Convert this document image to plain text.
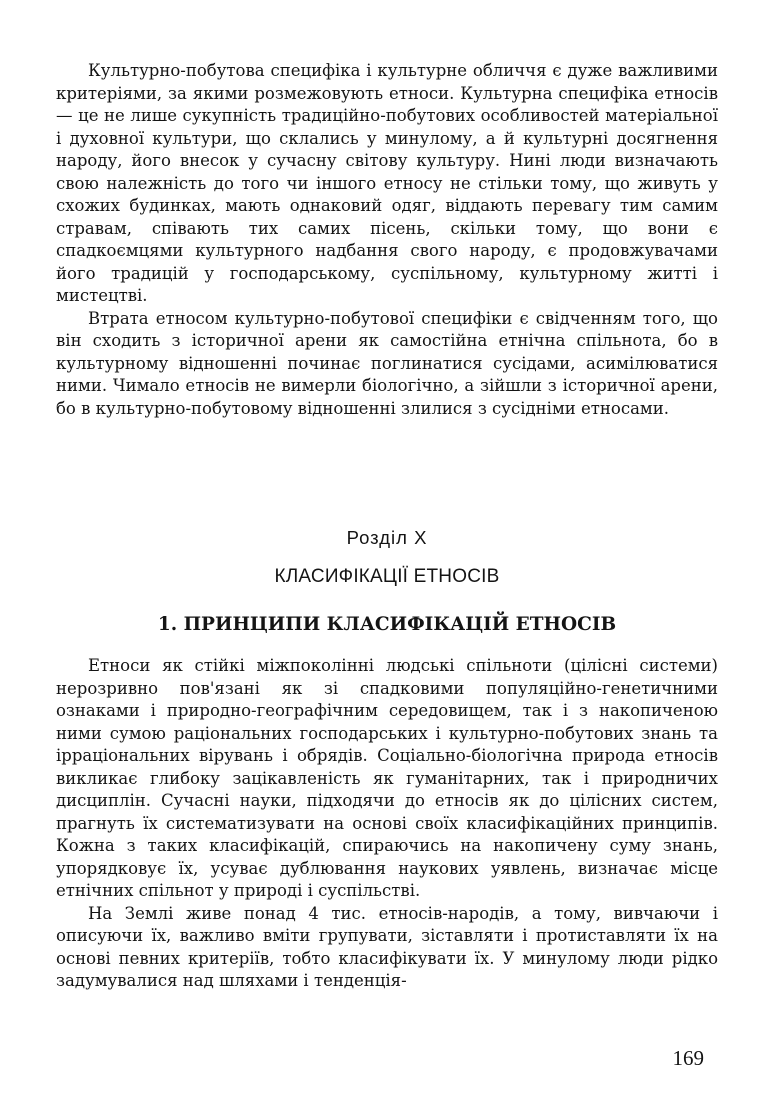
Культурно-побутова специфіка і культурне обличчя є дуже важливими критеріями, за якими розмежовують етноси. Культурна специфіка етносів — це не лише сукупність традиційно-побутових особливостей матеріальної і духовної культури, що склались у минулому, а й культурні досягнення народу, його внесок у сучасну світову культуру. Нині люди визначають свою належність до того чи іншого етносу не стільки тому, що живуть у схожих будинках, мають однаковий одяг, віддають перевагу тим самим стравам, співають тих самих пісень, скільки тому, що вони є спадкоємцями культурного надбання свого народу, є продовжувачами його традицій у господарському, суспільному, культурному житті і мистецтві.

Втрата етносом культурно-побутової специфіки є свідченням того, що він сходить з історичної арени як самостійна етнічна спільнота, бо в культурному відношенні починає поглинатися сусідами, асимілюватися ними. Чимало етносів не вимерли біологічно, а зійшли з історичної арени, бо в культурно-побутовому відношенні злилися з сусідніми етносами.

Розділ X
КЛАСИФІКАЦІЇ ЕТНОСІВ
1. ПРИНЦИПИ КЛАСИФІКАЦІЙ ЕТНОСІВ

Етноси як стійкі міжпоколінні людські спільноти (цілісні системи) нерозривно пов'язані як зі спадковими популяційно-генетичними ознаками і природно-географічним середовищем, так і з накопиченою ними сумою раціональних господарських і культурно-побутових знань та ірраціональних вірувань і обрядів. Соціально-біологічна природа етносів викликає глибоку зацікавленість як гуманітарних, так і природничих дисциплін. Сучасні науки, підходячи до етносів як до цілісних систем, прагнуть їх систематизувати на основі своїх класифікаційних принципів. Кожна з таких класифікацій, спираючись на накопичену суму знань, упорядковує їх, усуває дублювання наукових уявлень, визначає місце етнічних спільнот у природі і суспільстві.

На Землі живе понад 4 тис. етносів-народів, а тому, вивчаючи і описуючи їх, важливо вміти групувати, зіставляти і протиставляти їх на основі певних критеріїв, тобто класифікувати їх. У минулому люди рідко задумувалися над шляхами і тенденція-

169
